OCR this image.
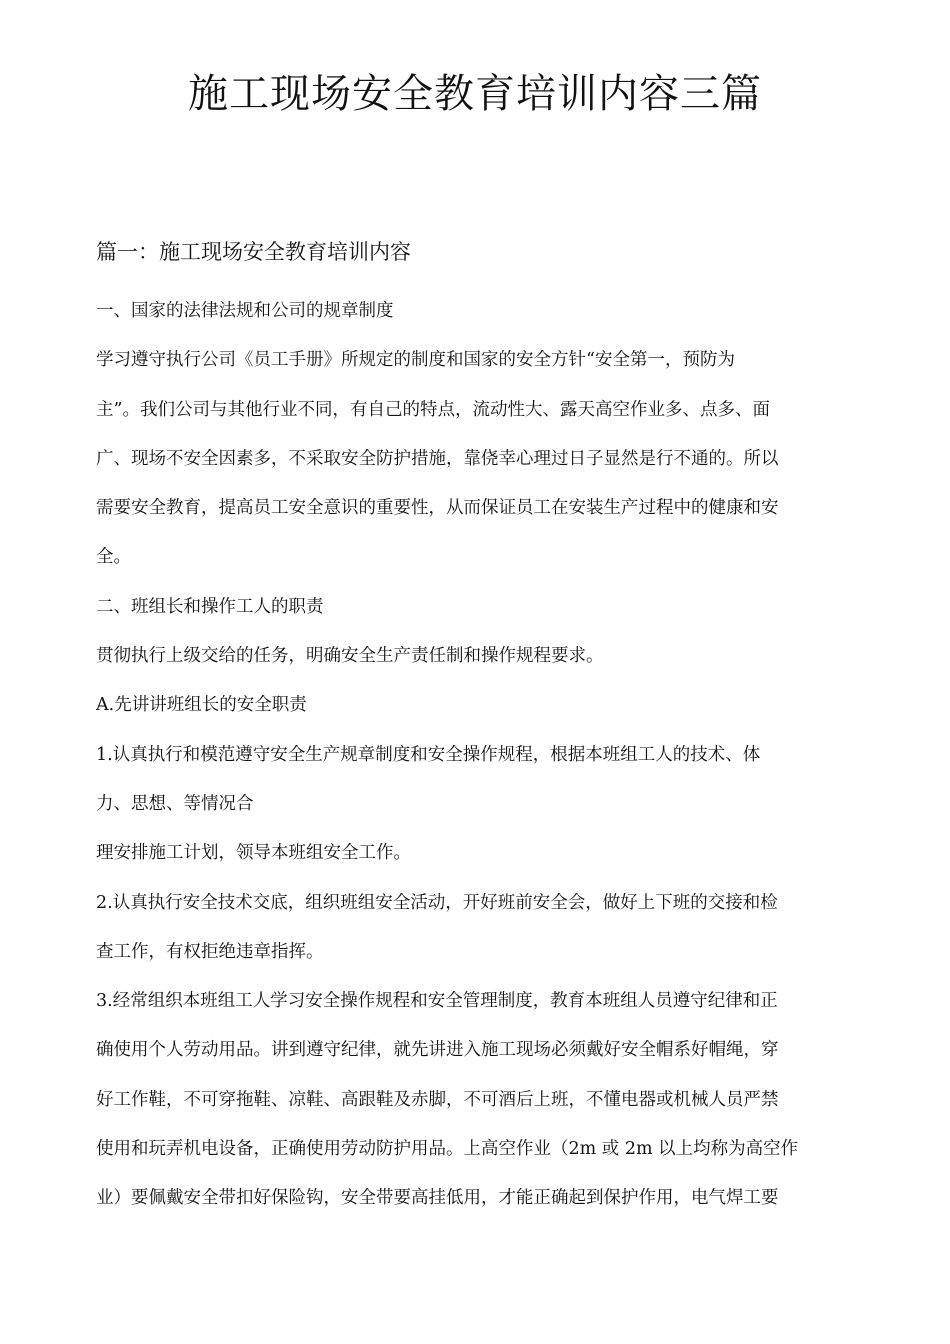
施工现场安全教育培训内容三篇
篇一：施工现场安全教育培训内容
一、国家的法律法规和公司的规章制度
学习遵守执行公司《员工手册》所规定的制度和国家的安全方针“安全第一，预防为
主”。我们公司与其他行业不同，有自己的特点，流动性大、露天高空作业多、点多、面
广、现场不安全因素多，不采取安全防护措施，靠侥幸心理过日子显然是行不通的。所以
需要安全教育，提高员工安全意识的重要性，从而保证员工在安装生产过程中的健康和安
全。
二、班组长和操作工人的职责
贯彻执行上级交给的任务，明确安全生产责任制和操作规程要求。
A.先讲讲班组长的安全职责
1.认真执行和模范遵守安全生产规章制度和安全操作规程，根据本班组工人的技术、体
力、思想、等情况合
理安排施工计划，领导本班组安全工作。
2.认真执行安全技术交底，组织班组安全活动，开好班前安全会，做好上下班的交接和检
查工作，有权拒绝违章指挥。
3.经常组织本班组工人学习安全操作规程和安全管理制度，教育本班组人员遵守纪律和正
确使用个人劳动用品。讲到遵守纪律，就先讲进入施工现场必须戴好安全帽系好帽绳，穿
好工作鞋，不可穿拖鞋、凉鞋、高跟鞋及赤脚，不可酒后上班，不懂电器或机械人员严禁
使用和玩弄机电设备，正确使用劳动防护用品。上高空作业（2m 或 2m 以上均称为高空作
业）要佩戴安全带扣好保险钩，安全带要高挂低用，才能正确起到保护作用，电气焊工要
